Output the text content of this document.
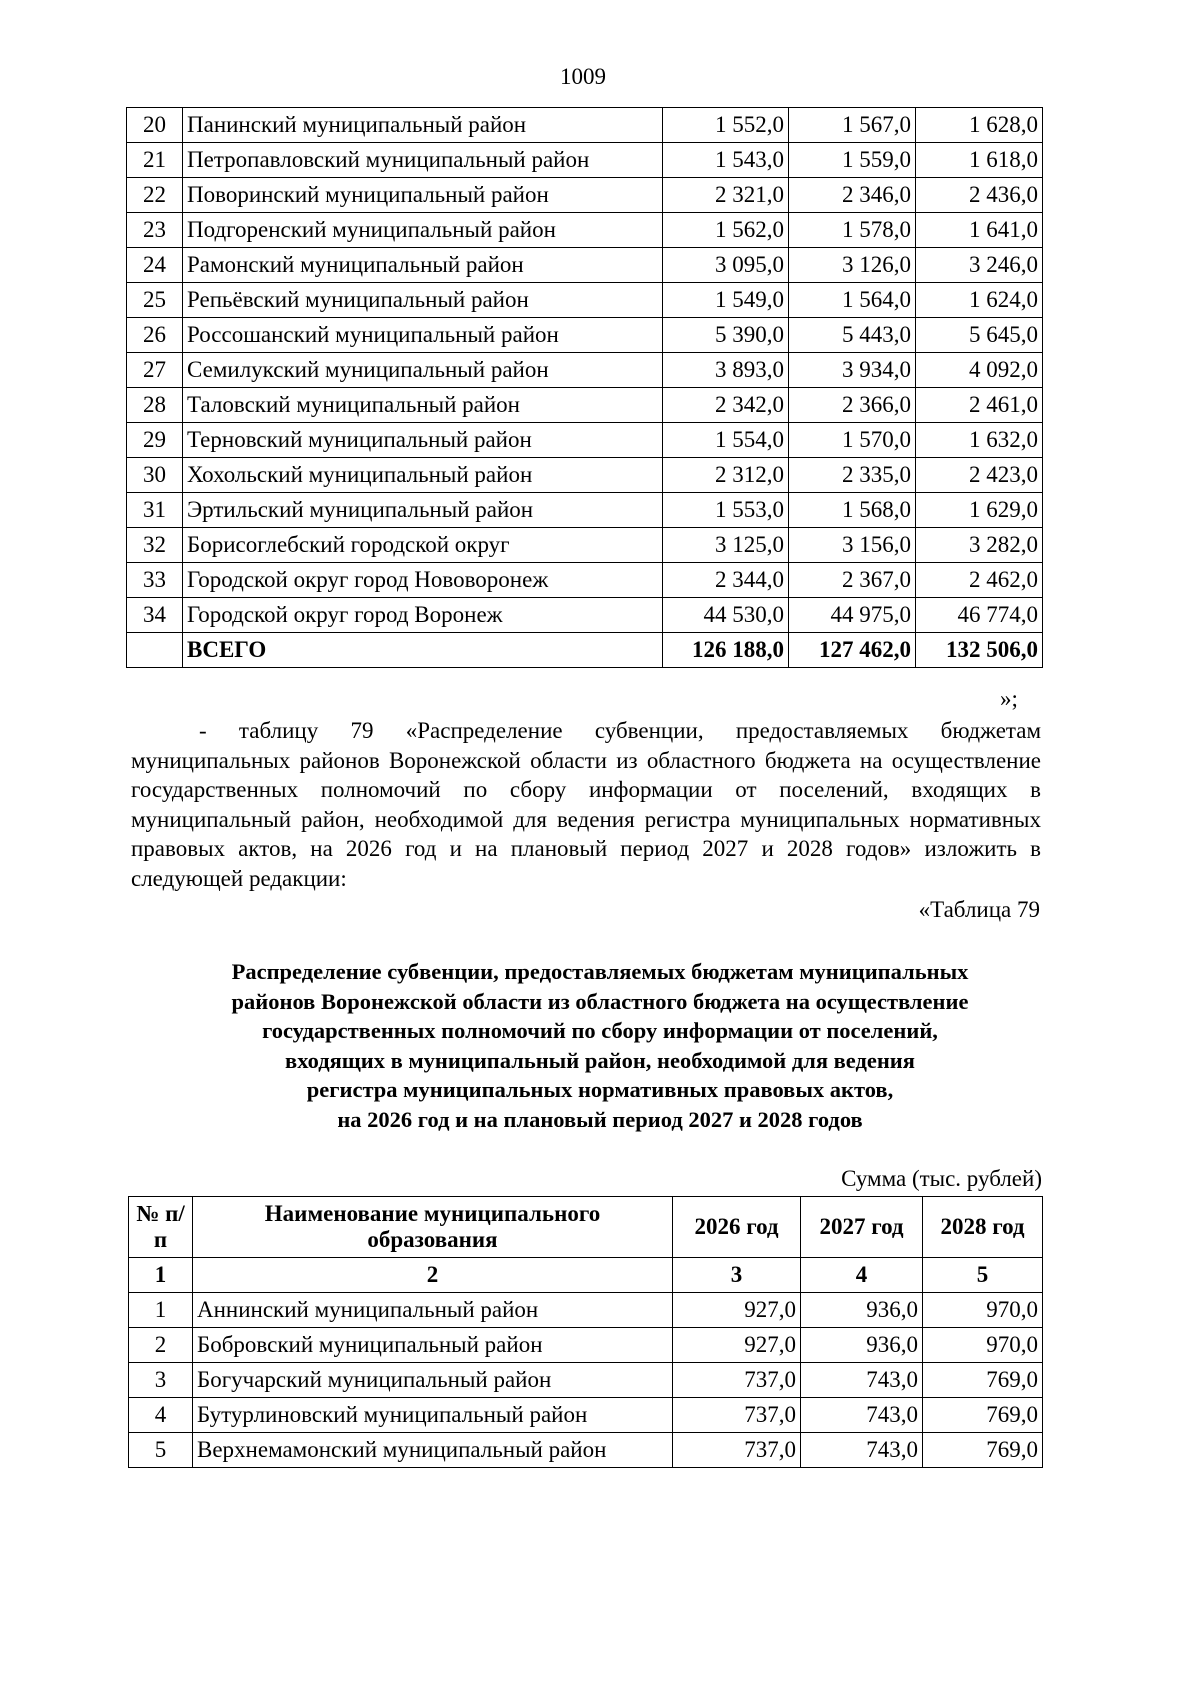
1009
20	Панинский муниципальный район	1 552,0	1 567,0	1 628,0
21	Петропавловский муниципальный район	1 543,0	1 559,0	1 618,0
22	Поворинский муниципальный район	2 321,0	2 346,0	2 436,0
23	Подгоренский муниципальный район	1 562,0	1 578,0	1 641,0
24	Рамонский муниципальный район	3 095,0	3 126,0	3 246,0
25	Репьёвский муниципальный район	1 549,0	1 564,0	1 624,0
26	Россошанский муниципальный район	5 390,0	5 443,0	5 645,0
27	Семилукский муниципальный район	3 893,0	3 934,0	4 092,0
28	Таловский муниципальный район	2 342,0	2 366,0	2 461,0
29	Терновский муниципальный район	1 554,0	1 570,0	1 632,0
30	Хохольский муниципальный район	2 312,0	2 335,0	2 423,0
31	Эртильский муниципальный район	1 553,0	1 568,0	1 629,0
32	Борисоглебский городской округ	3 125,0	3 156,0	3 282,0
33	Городской округ город Нововоронеж	2 344,0	2 367,0	2 462,0
34	Городской округ город Воронеж	44 530,0	44 975,0	46 774,0
	ВСЕГО	126 188,0	127 462,0	132 506,0
»;
- таблицу 79 «Распределение субвенции, предоставляемых бюджетам муниципальных районов Воронежской области из областного бюджета на осуществление государственных полномочий по сбору информации от поселений, входящих в муниципальный район, необходимой для ведения регистра муниципальных нормативных правовых актов, на 2026 год и на плановый период 2027 и 2028 годов» изложить в следующей редакции:
«Таблица 79
Распределение субвенции, предоставляемых бюджетам муниципальных
районов Воронежской области из областного бюджета на осуществление
государственных полномочий по сбору информации от поселений,
входящих в муниципальный район, необходимой для ведения
регистра муниципальных нормативных правовых актов,
на 2026 год и на плановый период 2027 и 2028 годов
Сумма (тыс. рублей)
№ п/п	Наименование муниципального образования	2026 год	2027 год	2028 год
1	2	3	4	5
1	Аннинский муниципальный район	927,0	936,0	970,0
2	Бобровский муниципальный район	927,0	936,0	970,0
3	Богучарский муниципальный район	737,0	743,0	769,0
4	Бутурлиновский муниципальный район	737,0	743,0	769,0
5	Верхнемамонский муниципальный район	737,0	743,0	769,0
